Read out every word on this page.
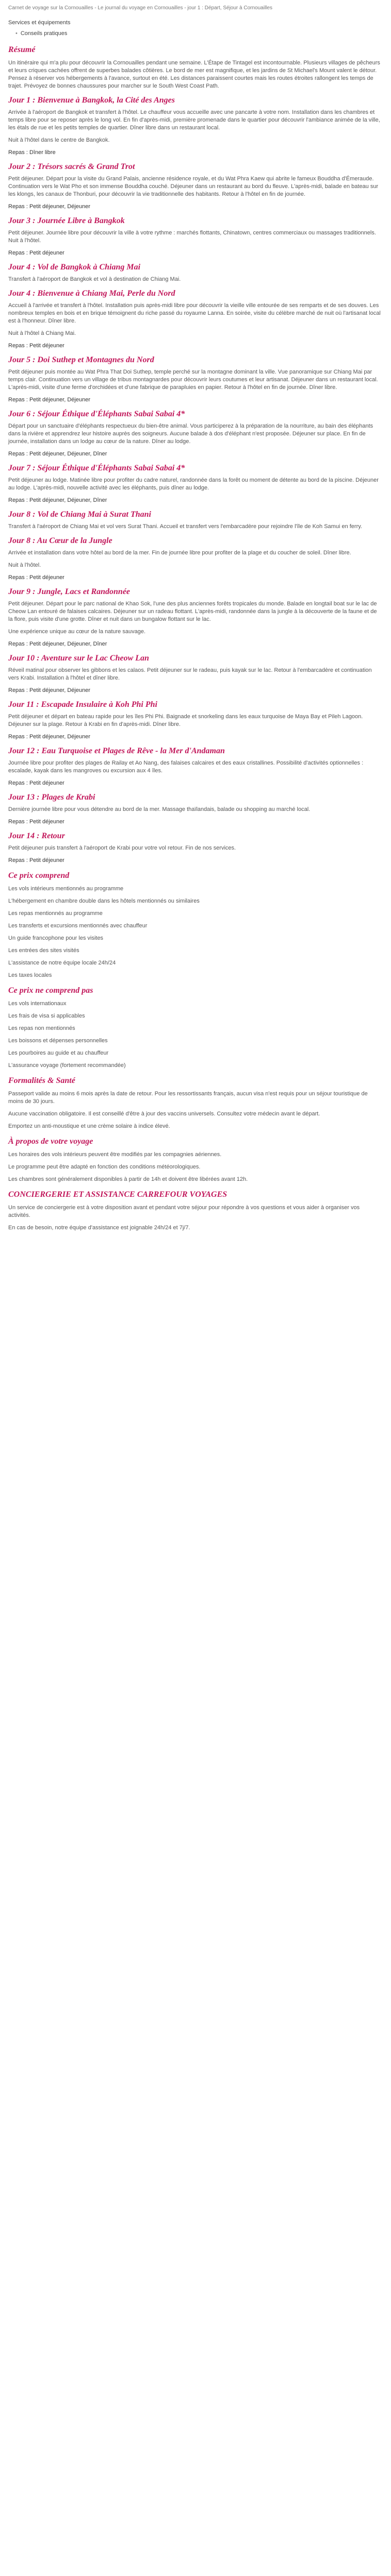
Carnet de voyage sur la Cornouailles - Le journal du voyage en Cornouailles - jour 1 : Départ, Séjour à Cornouailles
Services et équipements
• Conseils pratiques
Résumé

Un itinéraire qui m'a plu pour découvrir la Cornouailles pendant une semaine. L'Étape de Tintagel est incontournable. Plusieurs villages de pêcheurs et leurs criques cachées offrent de superbes balades côtières. Le bord de mer est magnifique, et les jardins de St Michael's Mount valent le détour. Pensez à réserver vos hébergements à l'avance, surtout en été. Les distances paraissent courtes mais les routes étroites rallongent les temps de trajet. Prévoyez de bonnes chaussures pour marcher sur le South West Coast Path.

Jour 1 : Bienvenue à Bangkok, la Cité des Anges

Arrivée à l'aéroport de Bangkok et transfert à l'hôtel. Le chauffeur vous accueille avec une pancarte à votre nom. Installation dans les chambres et temps libre pour se reposer après le long vol. En fin d'après-midi, première promenade dans le quartier pour découvrir l'ambiance animée de la ville, les étals de rue et les petits temples de quartier. Dîner libre dans un restaurant local.

Nuit à l'hôtel dans le centre de Bangkok.

Repas : Dîner libre

Jour 2 : Trésors sacrés & Grand Trot

Petit déjeuner. Départ pour la visite du Grand Palais, ancienne résidence royale, et du Wat Phra Kaew qui abrite le fameux Bouddha d'Émeraude. Continuation vers le Wat Pho et son immense Bouddha couché. Déjeuner dans un restaurant au bord du fleuve. L'après-midi, balade en bateau sur les klongs, les canaux de Thonburi, pour découvrir la vie traditionnelle des habitants. Retour à l'hôtel en fin de journée.

Repas : Petit déjeuner, Déjeuner

Jour 3 : Journée Libre à Bangkok

Petit déjeuner. Journée libre pour découvrir la ville à votre rythme : marchés flottants, Chinatown, centres commerciaux ou massages traditionnels. Nuit à l'hôtel.

Repas : Petit déjeuner

Jour 4 : Vol de Bangkok à Chiang Mai

Transfert à l'aéroport de Bangkok et vol à destination de Chiang Mai.

Jour 4 : Bienvenue à Chiang Mai, Perle du Nord

Accueil à l'arrivée et transfert à l'hôtel. Installation puis après-midi libre pour découvrir la vieille ville entourée de ses remparts et de ses douves. Les nombreux temples en bois et en brique témoignent du riche passé du royaume Lanna. En soirée, visite du célèbre marché de nuit où l'artisanat local est à l'honneur. Dîner libre.

Nuit à l'hôtel à Chiang Mai.

Repas : Petit déjeuner

Jour 5 : Doi Suthep et Montagnes du Nord

Petit déjeuner puis montée au Wat Phra That Doi Suthep, temple perché sur la montagne dominant la ville. Vue panoramique sur Chiang Mai par temps clair. Continuation vers un village de tribus montagnardes pour découvrir leurs coutumes et leur artisanat. Déjeuner dans un restaurant local. L'après-midi, visite d'une ferme d'orchidées et d'une fabrique de parapluies en papier. Retour à l'hôtel en fin de journée. Dîner libre.

Repas : Petit déjeuner, Déjeuner

Jour 6 : Séjour Éthique d'Éléphants Sabai Sabai 4*

Départ pour un sanctuaire d'éléphants respectueux du bien-être animal. Vous participerez à la préparation de la nourriture, au bain des éléphants dans la rivière et apprendrez leur histoire auprès des soigneurs. Aucune balade à dos d'éléphant n'est proposée. Déjeuner sur place. En fin de journée, installation dans un lodge au cœur de la nature. Dîner au lodge.

Repas : Petit déjeuner, Déjeuner, Dîner

Jour 7 : Séjour Éthique d'Éléphants Sabai Sabai 4*

Petit déjeuner au lodge. Matinée libre pour profiter du cadre naturel, randonnée dans la forêt ou moment de détente au bord de la piscine. Déjeuner au lodge. L'après-midi, nouvelle activité avec les éléphants, puis dîner au lodge.

Repas : Petit déjeuner, Déjeuner, Dîner

Jour 8 : Vol de Chiang Mai à Surat Thani

Transfert à l'aéroport de Chiang Mai et vol vers Surat Thani. Accueil et transfert vers l'embarcadère pour rejoindre l'île de Koh Samui en ferry.

Jour 8 : Au Cœur de la Jungle

Arrivée et installation dans votre hôtel au bord de la mer. Fin de journée libre pour profiter de la plage et du coucher de soleil. Dîner libre.

Nuit à l'hôtel.

Repas : Petit déjeuner

Jour 9 : Jungle, Lacs et Randonnée

Petit déjeuner. Départ pour le parc national de Khao Sok, l'une des plus anciennes forêts tropicales du monde. Balade en longtail boat sur le lac de Cheow Lan entouré de falaises calcaires. Déjeuner sur un radeau flottant. L'après-midi, randonnée dans la jungle à la découverte de la faune et de la flore, puis visite d'une grotte. Dîner et nuit dans un bungalow flottant sur le lac.

Une expérience unique au cœur de la nature sauvage.

Repas : Petit déjeuner, Déjeuner, Dîner

Jour 10 : Aventure sur le Lac Cheow Lan

Réveil matinal pour observer les gibbons et les calaos. Petit déjeuner sur le radeau, puis kayak sur le lac. Retour à l'embarcadère et continuation vers Krabi. Installation à l'hôtel et dîner libre.

Repas : Petit déjeuner, Déjeuner

Jour 11 : Escapade Insulaire à Koh Phi Phi

Petit déjeuner et départ en bateau rapide pour les îles Phi Phi. Baignade et snorkeling dans les eaux turquoise de Maya Bay et Pileh Lagoon. Déjeuner sur la plage. Retour à Krabi en fin d'après-midi. Dîner libre.

Repas : Petit déjeuner, Déjeuner

Jour 12 : Eau Turquoise et Plages de Rêve - la Mer d'Andaman

Journée libre pour profiter des plages de Railay et Ao Nang, des falaises calcaires et des eaux cristallines. Possibilité d'activités optionnelles : escalade, kayak dans les mangroves ou excursion aux 4 îles.

Repas : Petit déjeuner

Jour 13 : Plages de Krabi

Dernière journée libre pour vous détendre au bord de la mer. Massage thaïlandais, balade ou shopping au marché local.

Repas : Petit déjeuner

Jour 14 : Retour

Petit déjeuner puis transfert à l'aéroport de Krabi pour votre vol retour. Fin de nos services.

Repas : Petit déjeuner

Ce prix comprend

Les vols intérieurs mentionnés au programme

L'hébergement en chambre double dans les hôtels mentionnés ou similaires

Les repas mentionnés au programme

Les transferts et excursions mentionnés avec chauffeur

Un guide francophone pour les visites

Les entrées des sites visités

L'assistance de notre équipe locale 24h/24

Les taxes locales

Ce prix ne comprend pas

Les vols internationaux

Les frais de visa si applicables

Les repas non mentionnés

Les boissons et dépenses personnelles

Les pourboires au guide et au chauffeur

L'assurance voyage (fortement recommandée)

Formalités & Santé

Passeport valide au moins 6 mois après la date de retour. Pour les ressortissants français, aucun visa n'est requis pour un séjour touristique de moins de 30 jours.

Aucune vaccination obligatoire. Il est conseillé d'être à jour des vaccins universels. Consultez votre médecin avant le départ.

Emportez un anti-moustique et une crème solaire à indice élevé.

À propos de votre voyage

Les horaires des vols intérieurs peuvent être modifiés par les compagnies aériennes.

Le programme peut être adapté en fonction des conditions météorologiques.

Les chambres sont généralement disponibles à partir de 14h et doivent être libérées avant 12h.

CONCIERGERIE ET ASSISTANCE CARREFOUR VOYAGES

Un service de conciergerie est à votre disposition avant et pendant votre séjour pour répondre à vos questions et vous aider à organiser vos activités.

En cas de besoin, notre équipe d'assistance est joignable 24h/24 et 7j/7.
